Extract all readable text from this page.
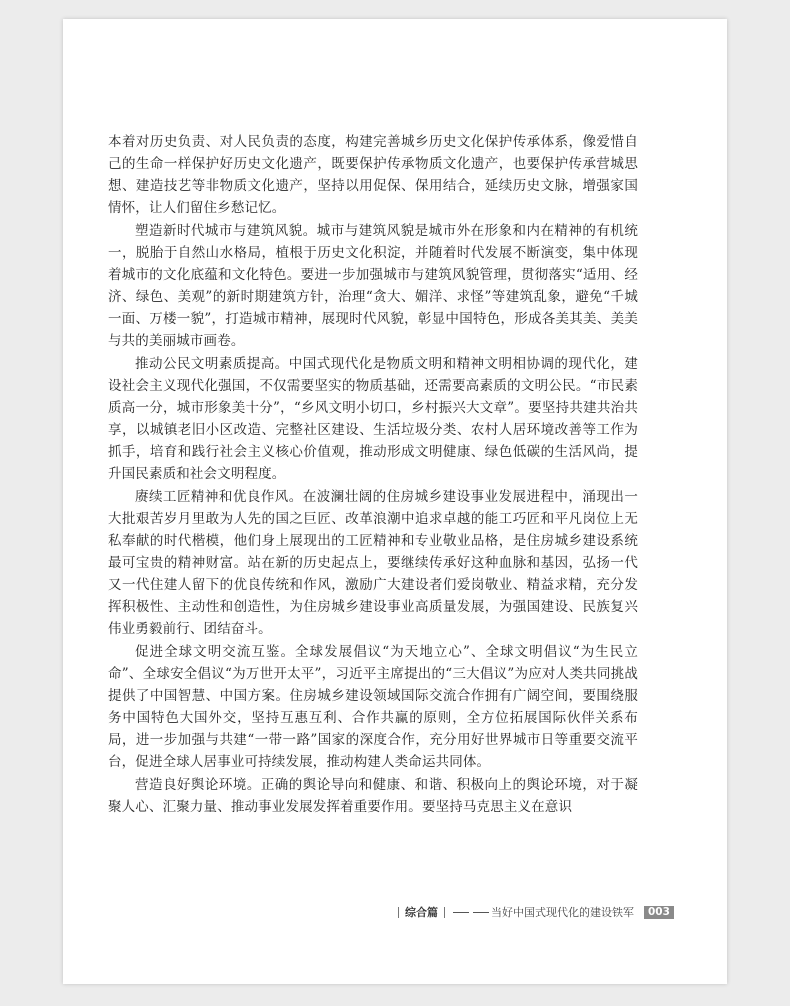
本着对历史负责、对人民负责的态度，构建完善城乡历史文化保护传承体系，像爱惜自己的生命一样保护好历史文化遗产，既要保护传承物质文化遗产，也要保护传承营城思想、建造技艺等非物质文化遗产，坚持以用促保、保用结合，延续历史文脉，增强家国情怀，让人们留住乡愁记忆。

塑造新时代城市与建筑风貌。城市与建筑风貌是城市外在形象和内在精神的有机统一，脱胎于自然山水格局，植根于历史文化积淀，并随着时代发展不断演变，集中体现着城市的文化底蕴和文化特色。要进一步加强城市与建筑风貌管理，贯彻落实“适用、经济、绿色、美观”的新时期建筑方针，治理“贪大、媚洋、求怪”等建筑乱象，避免“千城一面、万楼一貌”，打造城市精神，展现时代风貌，彰显中国特色，形成各美其美、美美与共的美丽城市画卷。

推动公民文明素质提高。中国式现代化是物质文明和精神文明相协调的现代化，建设社会主义现代化强国，不仅需要坚实的物质基础，还需要高素质的文明公民。“市民素质高一分，城市形象美十分”，“乡风文明小切口，乡村振兴大文章”。要坚持共建共治共享，以城镇老旧小区改造、完整社区建设、生活垃圾分类、农村人居环境改善等工作为抓手，培育和践行社会主义核心价值观，推动形成文明健康、绿色低碳的生活风尚，提升国民素质和社会文明程度。

赓续工匠精神和优良作风。在波澜壮阔的住房城乡建设事业发展进程中，涌现出一大批艰苦岁月里敢为人先的国之巨匠、改革浪潮中追求卓越的能工巧匠和平凡岗位上无私奉献的时代楷模，他们身上展现出的工匠精神和专业敬业品格，是住房城乡建设系统最可宝贵的精神财富。站在新的历史起点上，要继续传承好这种血脉和基因，弘扬一代又一代住建人留下的优良传统和作风，激励广大建设者们爱岗敬业、精益求精，充分发挥积极性、主动性和创造性，为住房城乡建设事业高质量发展，为强国建设、民族复兴伟业勇毅前行、团结奋斗。

促进全球文明交流互鉴。全球发展倡议“为天地立心”、全球文明倡议“为生民立命”、全球安全倡议“为万世开太平”，习近平主席提出的“三大倡议”为应对人类共同挑战提供了中国智慧、中国方案。住房城乡建设领域国际交流合作拥有广阔空间，要围绕服务中国特色大国外交，坚持互惠互利、合作共赢的原则，全方位拓展国际伙伴关系布局，进一步加强与共建“一带一路”国家的深度合作，充分用好世界城市日等重要交流平台，促进全球人居事业可持续发展，推动构建人类命运共同体。

营造良好舆论环境。正确的舆论导向和健康、和谐、积极向上的舆论环境，对于凝聚人心、汇聚力量、推动事业发展发挥着重要作用。要坚持马克思主义在意识

综合篇	当好中国式现代化的建设铁军	003
